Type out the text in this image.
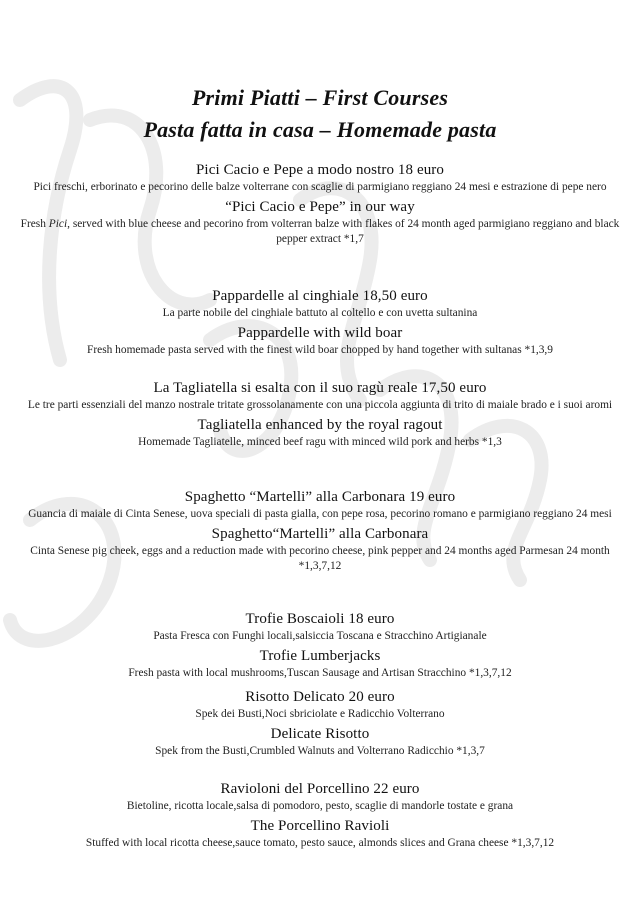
Primi Piatti – First Courses
Pasta fatta in casa – Homemade pasta
Pici Cacio e Pepe a modo nostro 18 euro
Pici freschi, erborinato e pecorino delle balze volterrane con scaglie di parmigiano reggiano 24 mesi e estrazione di pepe nero
“Pici Cacio e Pepe” in our way
Fresh Pici, served with blue cheese and pecorino from volterran balze with flakes of 24 month aged parmigiano reggiano and black pepper extract *1,7
Pappardelle al cinghiale 18,50 euro
La parte nobile del cinghiale battuto al coltello e con uvetta sultanina
Pappardelle with wild boar
Fresh homemade pasta served with the finest wild boar chopped by hand together with sultanas *1,3,9
La Tagliatella si esalta con il suo ragù reale 17,50 euro
Le tre parti essenziali del manzo nostrale tritate grossolanamente con una piccola aggiunta di trito di maiale brado e i suoi aromi
Tagliatella enhanced by the royal ragout
Homemade Tagliatelle, minced beef ragu with minced wild pork and herbs *1,3
Spaghetto “Martelli” alla Carbonara 19 euro
Guancia di maiale di Cinta Senese, uova speciali di pasta gialla, con pepe rosa, pecorino romano e parmigiano reggiano 24 mesi
Spaghetto“Martelli” alla Carbonara
Cinta Senese pig cheek, eggs and a reduction made with pecorino cheese, pink pepper and 24 months aged Parmesan 24 month *1,3,7,12
Trofie Boscaioli 18 euro
Pasta Fresca con Funghi locali,salsiccia Toscana e Stracchino Artigianale
Trofie Lumberjacks
Fresh pasta with local mushrooms,Tuscan Sausage and Artisan Stracchino *1,3,7,12
Risotto Delicato 20 euro
Spek dei Busti,Noci sbriciolate e Radicchio Volterrano
Delicate Risotto
Spek from the Busti,Crumbled Walnuts and Volterrano Radicchio *1,3,7
Ravioloni del Porcellino 22 euro
Bietoline, ricotta locale,salsa di pomodoro, pesto, scaglie di mandorle tostate e grana
The Porcellino Ravioli
Stuffed with local ricotta cheese,sauce tomato, pesto sauce, almonds slices and Grana cheese *1,3,7,12
